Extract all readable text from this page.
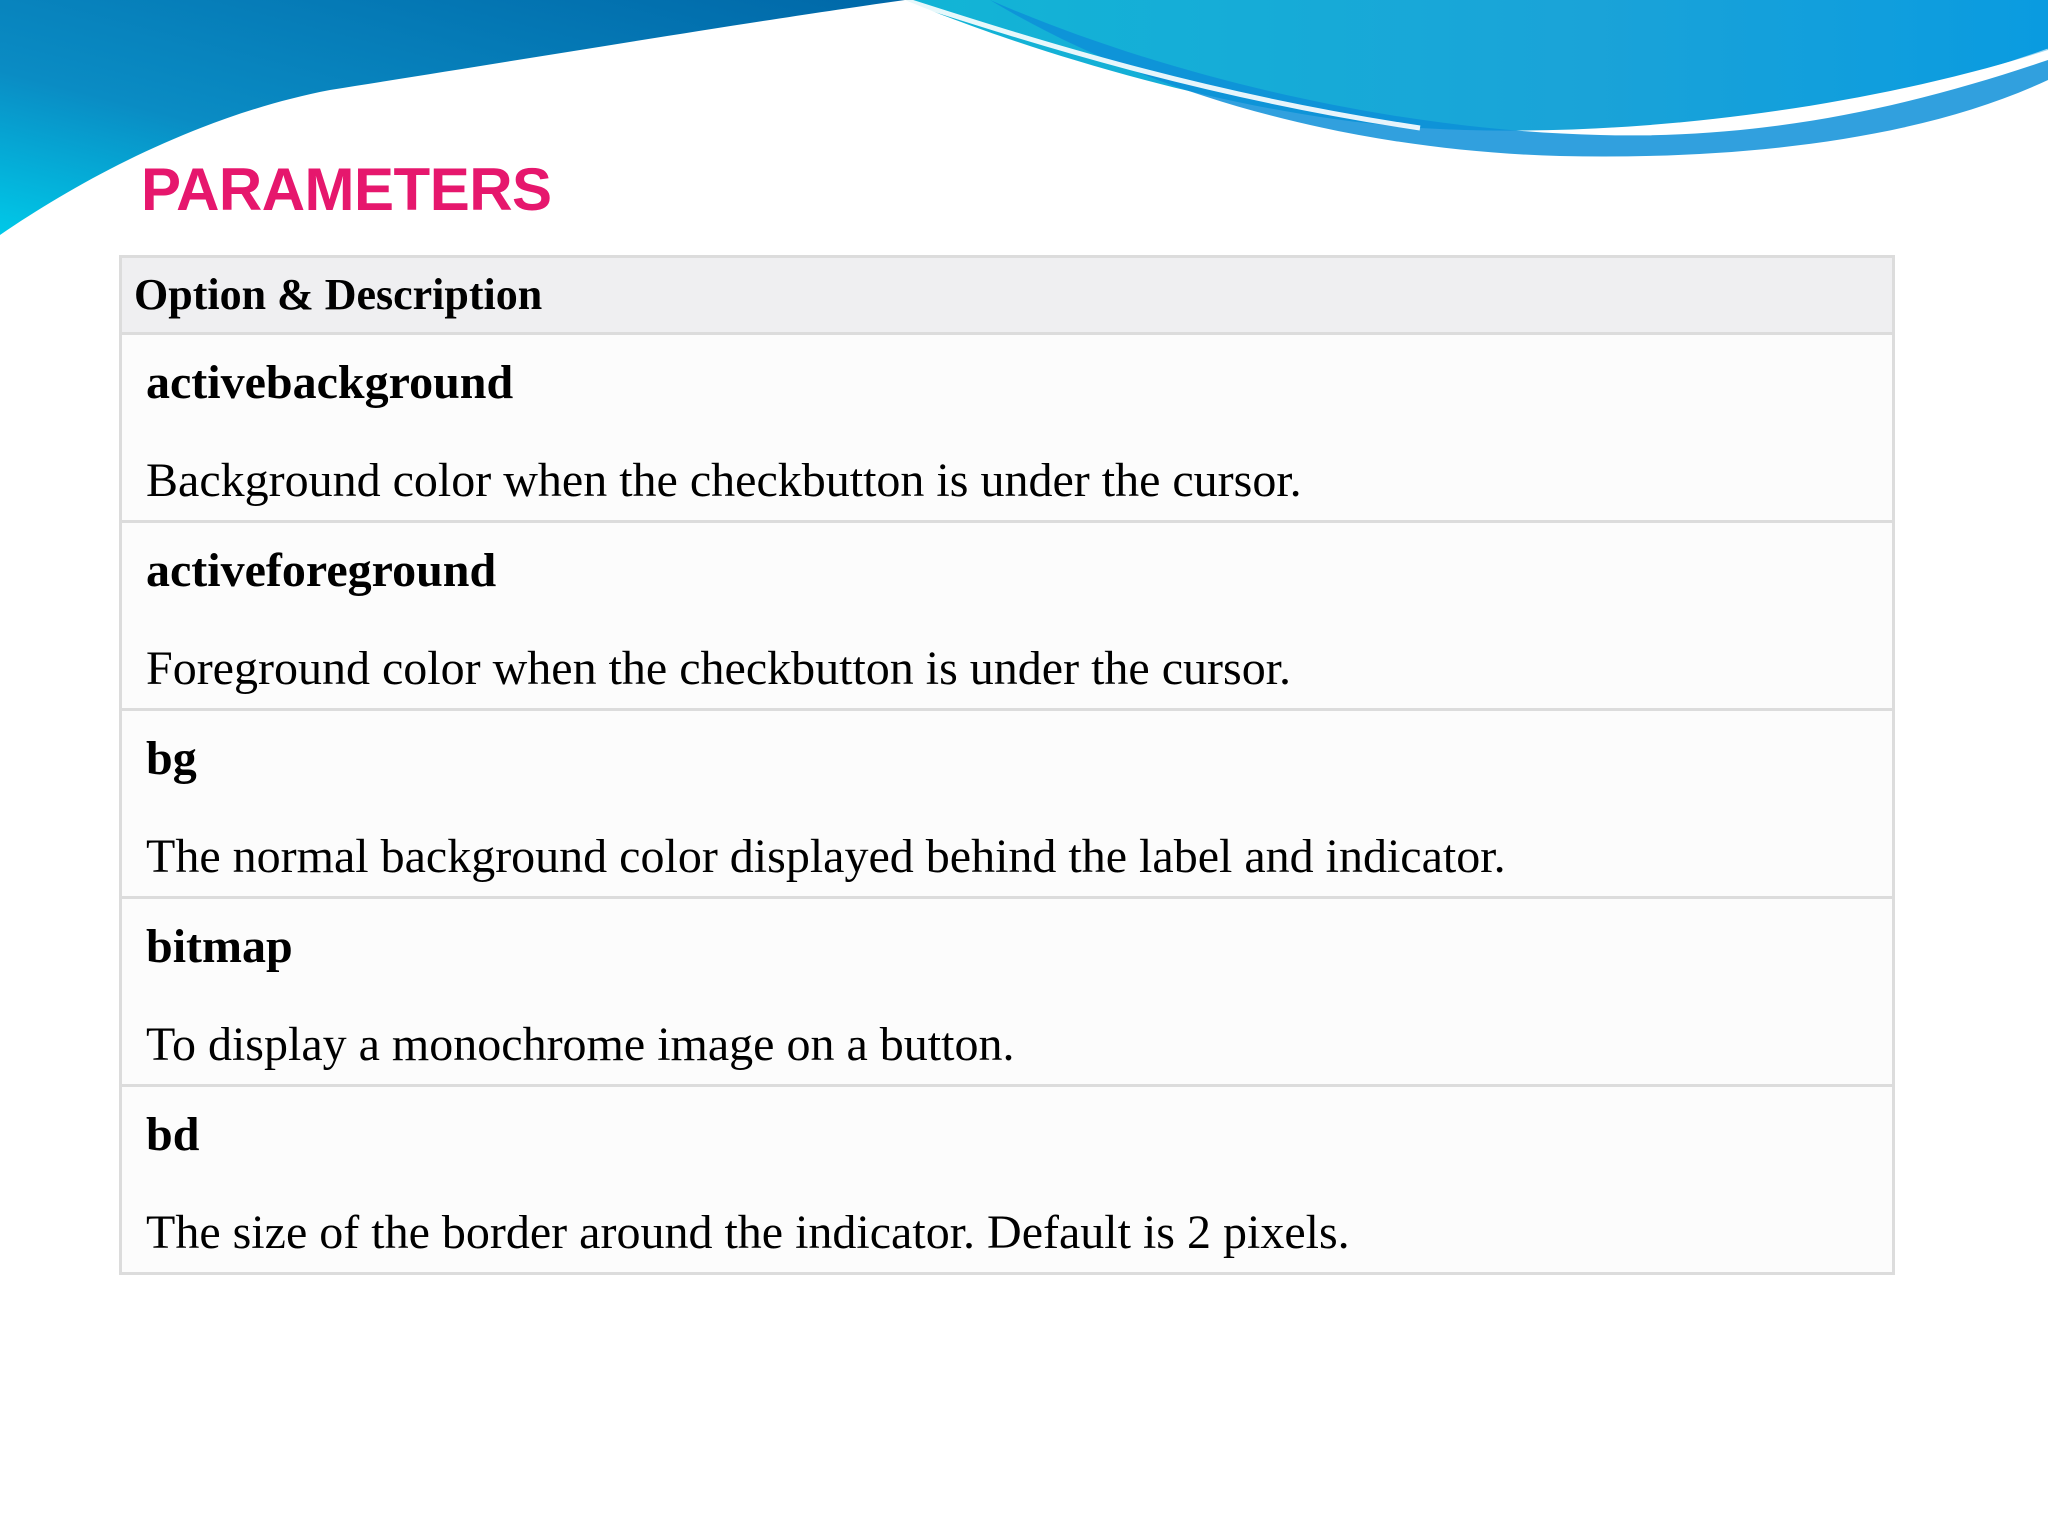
PARAMETERS
Option & Description

activebackground
Background color when the checkbutton is under the cursor.

activeforeground
Foreground color when the checkbutton is under the cursor.

bg
The normal background color displayed behind the label and indicator.

bitmap
To display a monochrome image on a button.

bd
The size of the border around the indicator. Default is 2 pixels.
